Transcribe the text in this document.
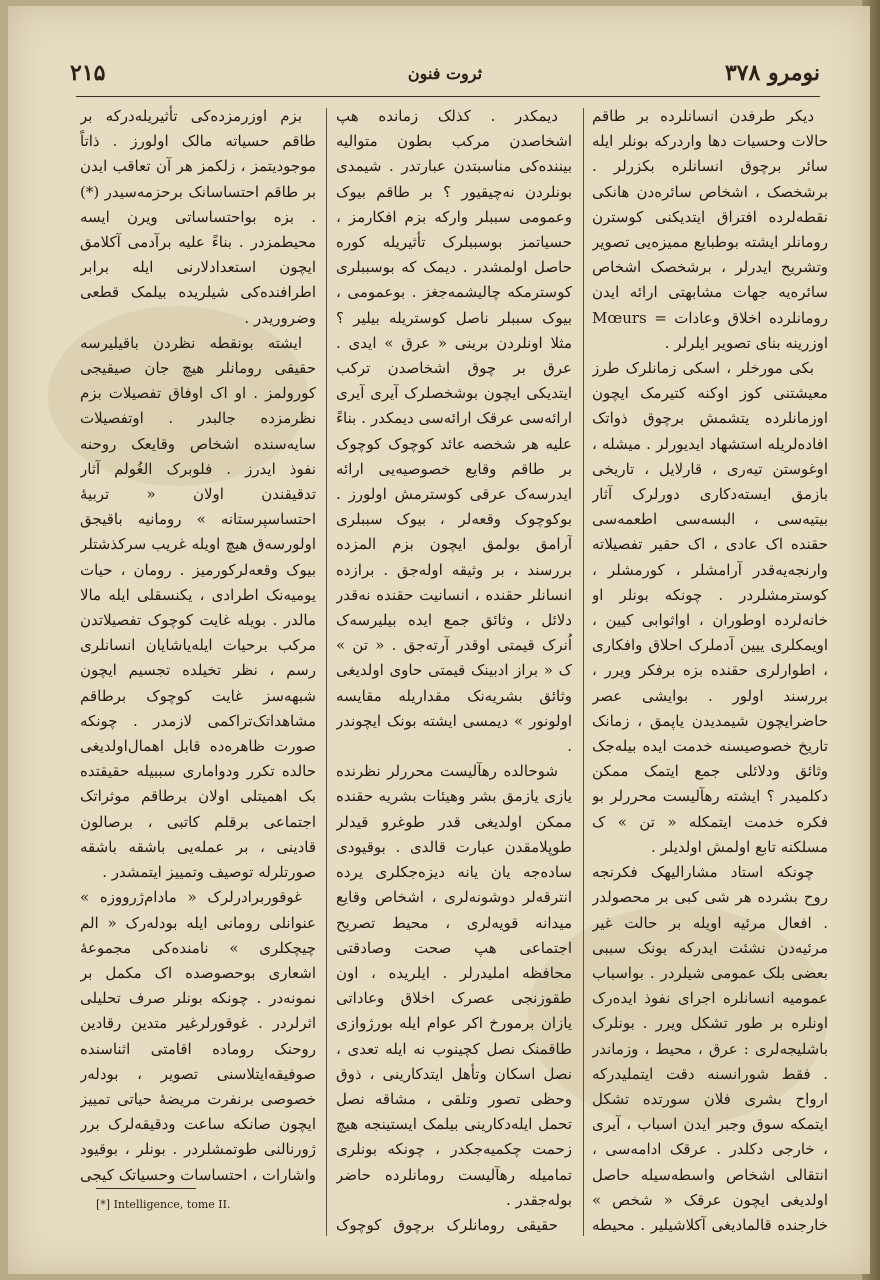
۲۱۵	ثروت فنون	نومرو ۳۷۸

دیکر طرفدن انسانلرده بر طاقم حالات وحسیات دها واردرکه بونلر ایله سائر برچوق انسانلره بکزرلر . برشخصک ، اشخاص سائره‌دن هانکی نقطه‌لرده افتراق ایتدیکنی کوسترن رومانلر ایشته بوطبایع ممیزه‌یی تصویر وتشریح ایدرلر ، برشخصک اشخاص سائره‌یه جهات مشابهتی ارائه ایدن رومانلرده اخلاق وعادات = Mœurs اوزرینه بنای تصویر ایلرلر .

بکی مورخلر ، اسکی زمانلرک طرز معیشتنی کوز اوکنه کتیرمک ایچون اوزمانلرده یتشمش برچوق ذواتک افاده‌لریله استشهاد ایدیورلر . میشله ، اوغوستن تیه‌ری ، قارلایل ، تاریخی بازمق ایسته‌دکاری دورلرک آثار بیتیه‌سی ، البسه‌سی اطعمه‌سی حقنده اک عادی ، اک حقیر تفصیلاته وارنجه‌یه‌قدر آرامشلر ، کورمشلر ، کوسترمشلردر . چونکه بونلر او خانه‌لرده اوطوران ، اواثوابی کیین ، اویمکلری ییین آدملرک احلاق وافکاری ، اطوارلری حقنده بزه برفکر ویرر ، بررسند اولور . بوایشی عصر حاضرایچون شیمدیدن یاپمق ، زمانک تاریخ خصوصیسنه خدمت ایده بیله‌جک وثائق ودلائلی جمع ایتمک ممکن دکلمیدر ؟ ایشته رهآلیست محررلر بو فکره خدمت ایتمکله « تن » ک مسلکنه تابع اولمش اولدیلر .

چونکه استاد مشارالیهک فکرنجه روح بشرده هر شی کبی بر محصولدر . افعال مرئیه اویله بر حالت غیر مرئیه‌دن نشئت ایدرکه بونک سببی بعضی بلک عمومی شیلردر . بواسباب عمومیه انسانلره اجرای نفوذ ایده‌رک اونلره بر طور تشکل ویرر . بونلرک باشلیجه‌لری : عرق ، محیط ، وزماندر . فقط شورانسنه دقت ایتملیدرکه ارواح بشری فلان سورتده تشکل ایتمکه سوق وجبر ایدن اسباب ، آیری ، خارجی دکلدر . عرقک ادامه‌سی ، انتقالی اشخاص واسطه‌سیله حاصل اولدیغی ایچون عرقک « شخص » خارجنده قالمادیغی آکلاشیلیر . محیطه

دیمکدر . کذلک زمانده هپ اشخاصدن مرکب بطون متوالیه بیننده‌کی مناسبتدن عبارتدر . شیمدی بونلردن نه‌چیقیور ؟ بر طاقم بیوک وعمومی سببلر وارکه بزم افکارمز ، حسیاتمز بوسببلرک تأثیریله کوره حاصل اولمشدر . دیمک که بوسببلری کوسترمکه چالیشمه‌جغز . بوعمومی ، بیوک سببلر ناصل کوستریله بیلیر ؟ مثلا اونلردن برینی « عرق » ایدی . عرق بر چوق اشخاصدن ترکب ایتدیکی ایچون بوشخصلرک آیری آیری ارائه‌سی عرقک ارائه‌سی دیمکدر . بناءً علیه هر شخصه عائد کوچوک کوچوک بر طاقم وقایع خصوصیه‌یی ارائه ایدرسه‌ک عرقی کوسترمش اولورز . بوکوچوک وقعه‌لر ، بیوک سببلری آرامق بولمق ایچون بزم المزده بررسند ، بر وثیقه اوله‌جق . برازده انسانلر حقنده ، انسانیت حقنده نه‌قدر دلائل ، وثائق جمع ایده بیلیرسه‌ک اُنرک قیمتی اوقدر آرته‌جق . « تن » ک « براز ادبینک قیمتی حاوی اولدیغی وثائق بشریه‌نک مقداریله مقایسه اولونور » دیمسی ایشته بونک ایچوندر .

شوحالده رهآلیست محررلر نظرنده یازی یازمق بشر وهیئات بشریه حقنده ممکن اولدیغی قدر طوغرو قیدلر طوپلامقدن عبارت قالدی . بوقیودی ساده‌جه یان یانه دیزه‌جکلری یرده انترقه‌لر دوشونه‌لری ، اشخاص وقایع میدانه قویه‌لری ، محیط تصریح اجتماعی هپ صحت وصادقتی محافظه املیدرلر . ایلریده ، اون طقوزنجی عصرک اخلاق وعاداتی یازان برمورخ اکر عوام ایله بورژوازی طاقمنک نصل کچینوب نه ایله تعدی ، نصل اسکان وتأهل ایتدکارینی ، ذوق وحظی تصور وتلقی ، مشاقه نصل تحمل ایله‌دکارینی بیلمک ایستینجه هیچ زحمت چکمیه‌جکدر ، چونکه بونلری تمامیله رهآلیست رومانلرده حاضر بوله‌جقدر .

حقیقی رومانلرک برچوق کوچوک

بزم اوزرمزده‌کی تأثیریله‌درکه بر طاقم حسیاته مالک اولورز . ذاتاً موجودیتمز ، زلکمز هر آن تعاقب ایدن بر طاقم احتساسانک برحزمه‌سیدر (*) . بزه بواحتساساتی ویرن ایسه محیطمزدر . بناءً علیه برآدمی آکلامق ایچون استعدادلارنی ایله برابر اطرافنده‌کی شیلریده بیلمک قطعی وضروریدر .

ایشته بونقطه نظردن باقیلیرسه حقیقی رومانلر هیچ جان صیقیجی کورولمز . او اک اوفاق تفصیلات بزم نظرمزده جالبدر . اوتفصیلات سایه‌سنده اشخاص وقایعک روحنه نفوذ ایدرز . فلوبرک الغُولم آثار تدقیقندن اولان « تربیهٔ احتساسپرستانه » رومانیه باقیجق اولورسه‌ق هیچ اویله غریب سرکذشتلر بیوک وقعه‌لرکورمیز . رومان ، حیات یومیه‌نک اطرادی ، یکنسقلی ایله مالا مالدر . بویله غایت کوچوک تفصیلاتدن مرکب برحیات ایله‌یاشایان انسانلری رسم ، نظر تخیلده تجسیم ایچون شبهه‌سز غایت کوچوک برطاقم مشاهداتک‌تراکمی لازمدر . چونکه صورت ظاهره‌ده قابل اهمال‌اولدیغی حالده تکرر ودواماری سببیله حقیقتده بک اهمیتلی اولان برطاقم موثراتک اجتماعی برقلم کاتبی ، برصالون قادینی ، بر عمله‌یی باشقه باشقه صورتلرله توصیف وتمییز ایتمشدر .

غوقوربرادرلرک « مادام‌ژرووزه » عنوانلی رومانی ایله بودله‌رک « الم چیچکلری » نامنده‌کی مجموعهٔ اشعاری بوحصوصده اک مکمل بر نمونه‌در . چونکه بونلر صرف تحلیلی اثرلردر . غوقورلرغیر متدین رقادین روحنک روماده اقامتی اثناسنده صوفیقه‌ایتلاسنی تصویر ، بودله‌ر خصوصی برنفرت مریضهٔ حیاتی تمییز ایچون صانکه ساعت ودقیقه‌لرک برر ژورنالنی طوتمشلردر . بونلر ، بوقیود واشارات ، احتساسات وحسیاتک کیجی

[*] Intelligence, tome II.
